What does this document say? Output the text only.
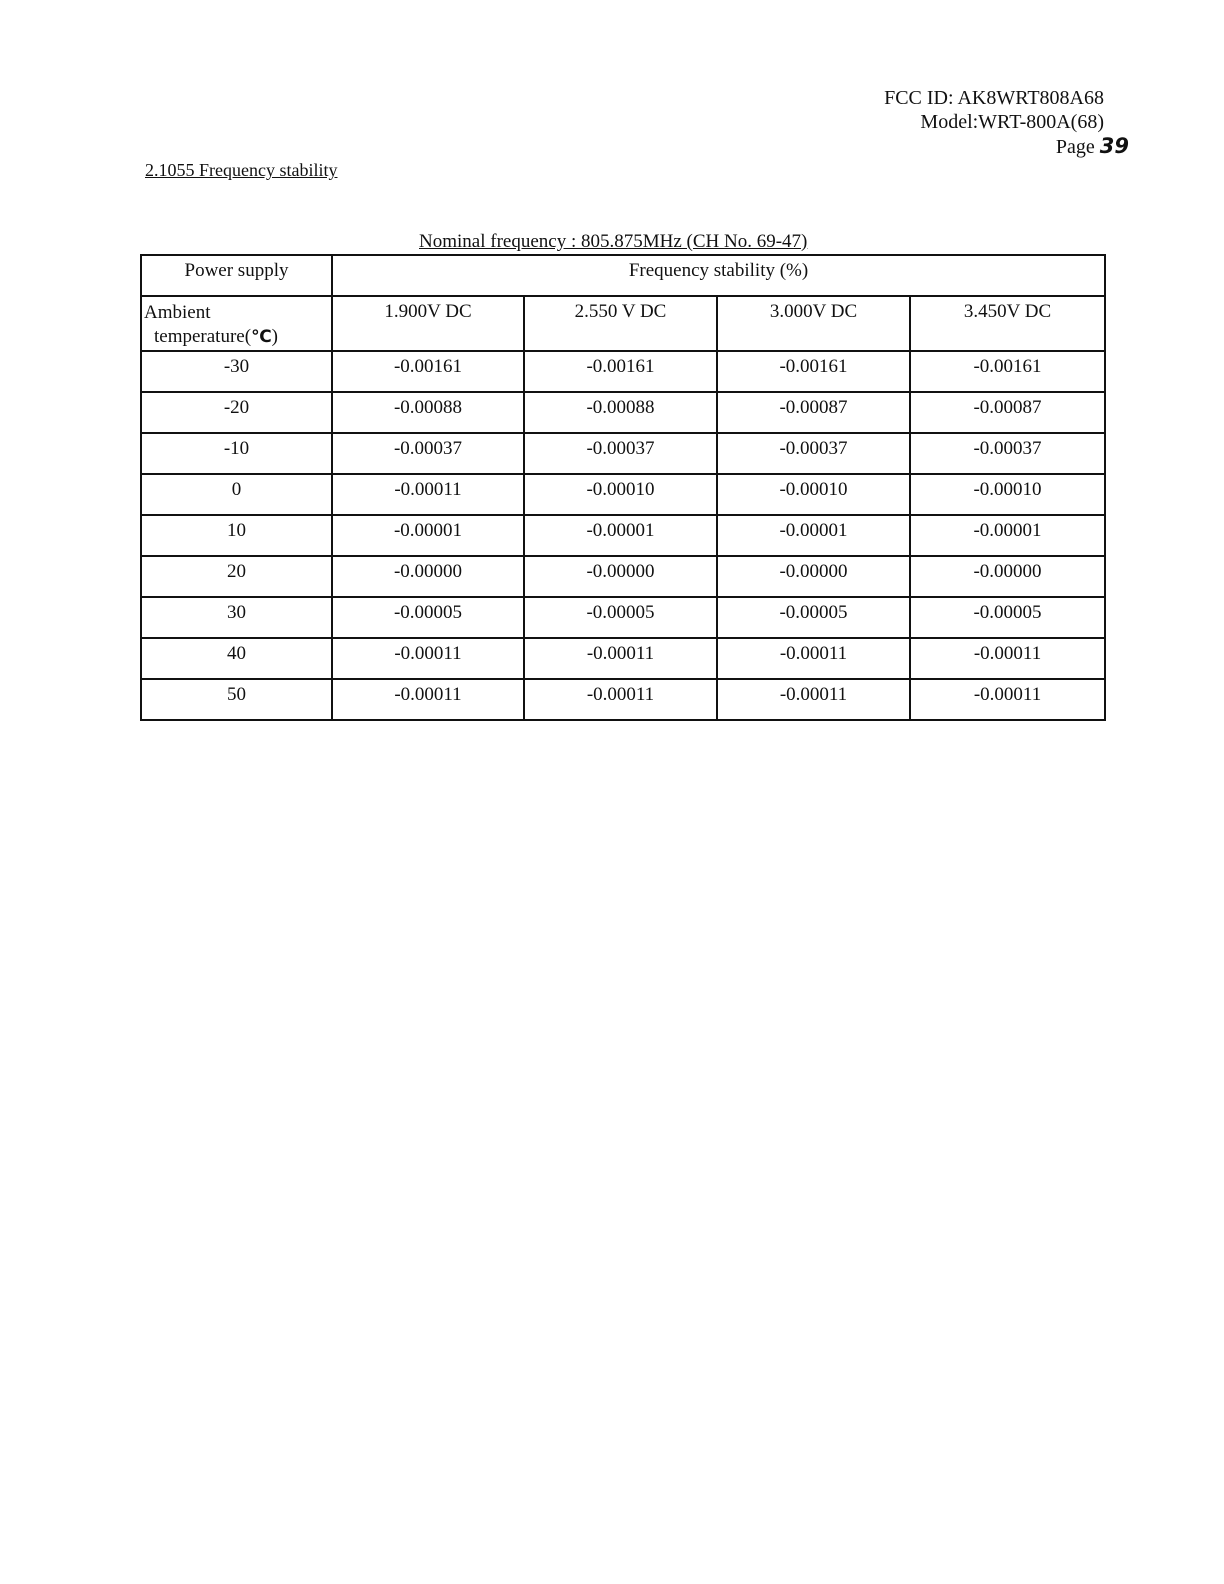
FCC ID: AK8WRT808A68
Model:WRT-800A(68)
Page 39
2.1055 Frequency stability
Nominal frequency : 805.875MHz (CH No. 69-47)
Power supply	Frequency stability (%)			
Ambient
temperature(℃)	1.900V DC	2.550 V DC	3.000V DC	3.450V DC
-30	-0.00161	-0.00161	-0.00161	-0.00161
-20	-0.00088	-0.00088	-0.00087	-0.00087
-10	-0.00037	-0.00037	-0.00037	-0.00037
0	-0.00011	-0.00010	-0.00010	-0.00010
10	-0.00001	-0.00001	-0.00001	-0.00001
20	-0.00000	-0.00000	-0.00000	-0.00000
30	-0.00005	-0.00005	-0.00005	-0.00005
40	-0.00011	-0.00011	-0.00011	-0.00011
50	-0.00011	-0.00011	-0.00011	-0.00011
